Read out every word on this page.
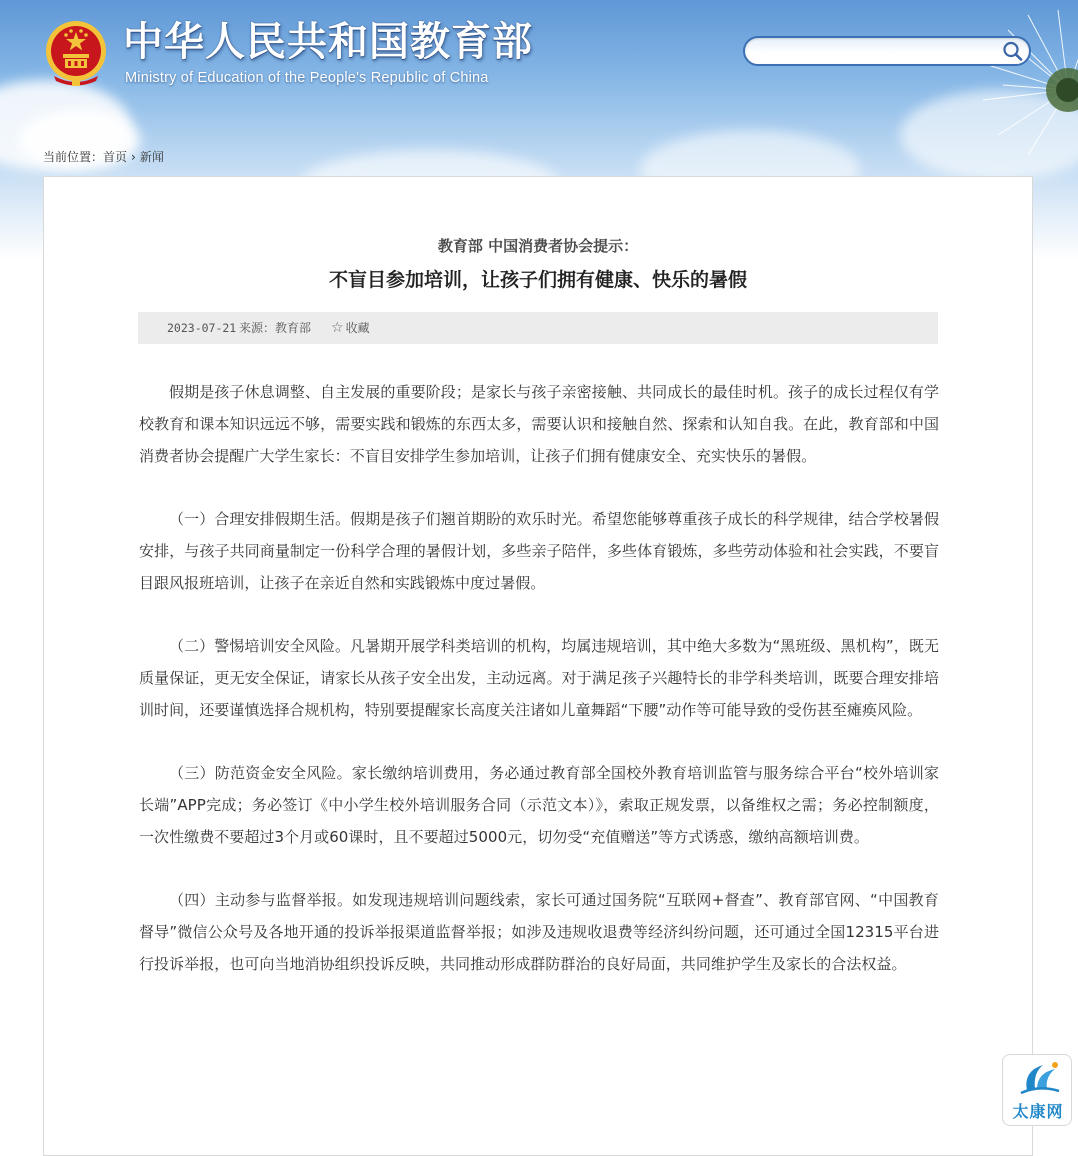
中华人民共和国教育部
Ministry of Education of the People's Republic of China
当前位置：首页 › 新闻
教育部 中国消费者协会提示：
不盲目参加培训，让孩子们拥有健康、快乐的暑假
2023-07-21 来源：教育部 ☆ 收藏

假期是孩子休息调整、自主发展的重要阶段；是家长与孩子亲密接触、共同成长的最佳时机。孩子的成长过程仅有学校教育和课本知识远远不够，需要实践和锻炼的东西太多，需要认识和接触自然、探索和认知自我。在此，教育部和中国消费者协会提醒广大学生家长：不盲目安排学生参加培训，让孩子们拥有健康安全、充实快乐的暑假。

（一）合理安排假期生活。假期是孩子们翘首期盼的欢乐时光。希望您能够尊重孩子成长的科学规律，结合学校暑假安排，与孩子共同商量制定一份科学合理的暑假计划，多些亲子陪伴，多些体育锻炼，多些劳动体验和社会实践，不要盲目跟风报班培训，让孩子在亲近自然和实践锻炼中度过暑假。

（二）警惕培训安全风险。凡暑期开展学科类培训的机构，均属违规培训，其中绝大多数为“黑班级、黑机构”，既无质量保证，更无安全保证，请家长从孩子安全出发，主动远离。对于满足孩子兴趣特长的非学科类培训，既要合理安排培训时间，还要谨慎选择合规机构，特别要提醒家长高度关注诸如儿童舞蹈“下腰”动作等可能导致的受伤甚至瘫痪风险。

（三）防范资金安全风险。家长缴纳培训费用，务必通过教育部全国校外教育培训监管与服务综合平台“校外培训家长端”APP完成；务必签订《中小学生校外培训服务合同（示范文本）》，索取正规发票，以备维权之需；务必控制额度，一次性缴费不要超过3个月或60课时，且不要超过5000元，切勿受“充值赠送”等方式诱惑，缴纳高额培训费。

（四）主动参与监督举报。如发现违规培训问题线索，家长可通过国务院“互联网+督查”、教育部官网、“中国教育督导”微信公众号及各地开通的投诉举报渠道监督举报；如涉及违规收退费等经济纠纷问题，还可通过全国12315平台进行投诉举报，也可向当地消协组织投诉反映，共同推动形成群防群治的良好局面，共同维护学生及家长的合法权益。

太康网
